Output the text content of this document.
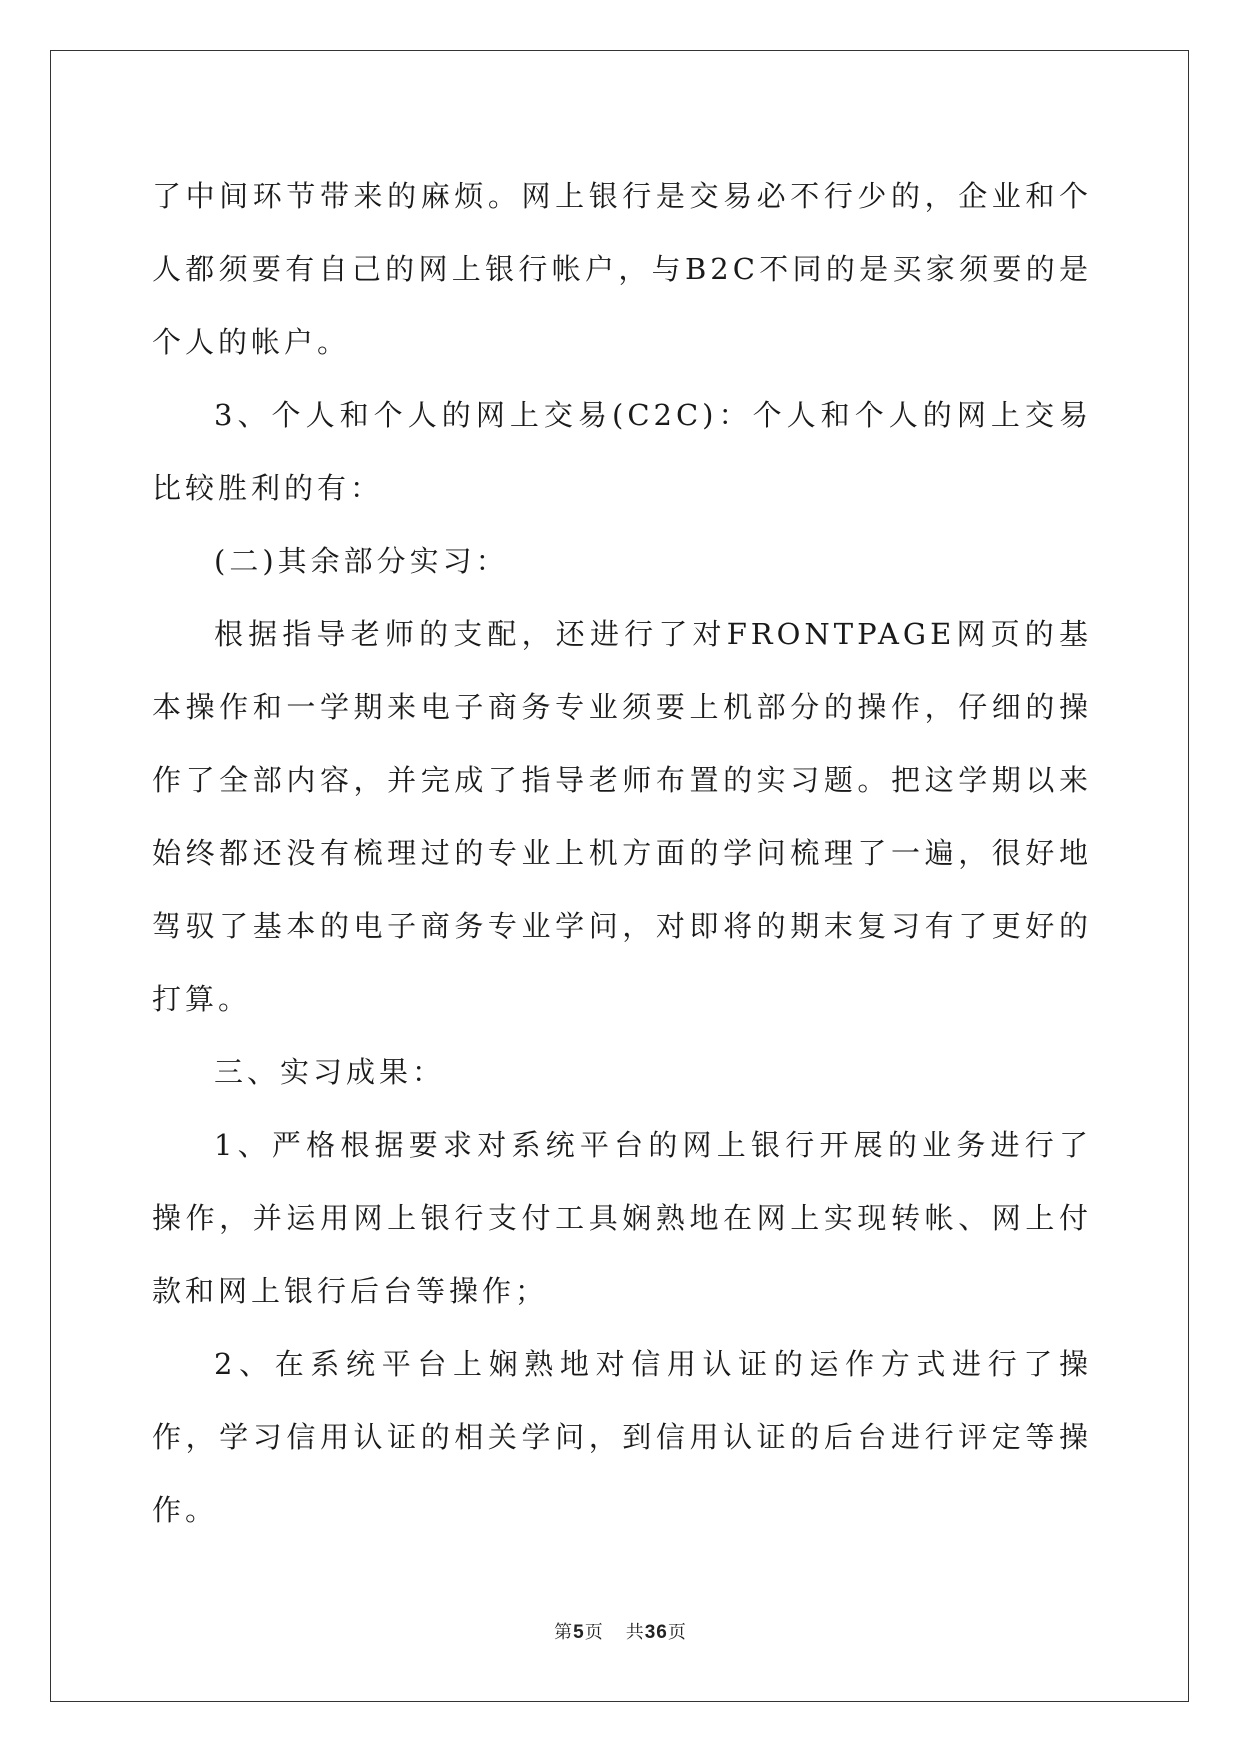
了中间环节带来的麻烦。网上银行是交易必不行少的，企业和个人都须要有自己的网上银行帐户，与B2C不同的是买家须要的是个人的帐户。

3、个人和个人的网上交易(C2C)：个人和个人的网上交易比较胜利的有：

(二)其余部分实习：

根据指导老师的支配，还进行了对FRONTPAGE网页的基本操作和一学期来电子商务专业须要上机部分的操作，仔细的操作了全部内容，并完成了指导老师布置的实习题。把这学期以来始终都还没有梳理过的专业上机方面的学问梳理了一遍，很好地驾驭了基本的电子商务专业学问，对即将的期末复习有了更好的打算。

三、实习成果：

1、严格根据要求对系统平台的网上银行开展的业务进行了操作，并运用网上银行支付工具娴熟地在网上实现转帐、网上付款和网上银行后台等操作；

2、在系统平台上娴熟地对信用认证的运作方式进行了操作，学习信用认证的相关学问，到信用认证的后台进行评定等操作。

第5页 共36页
